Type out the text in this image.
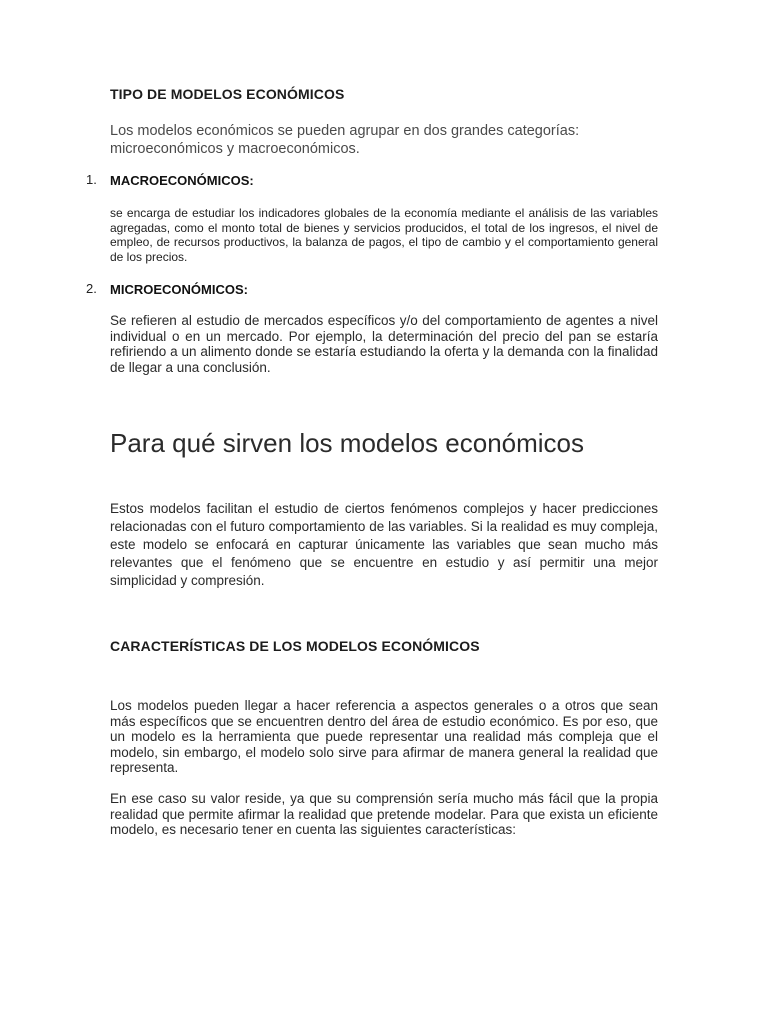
TIPO DE MODELOS ECONÓMICOS
Los modelos económicos se pueden agrupar en dos grandes categorías: microeconómicos y macroeconómicos.
1. MACROECONÓMICOS:
se encarga de estudiar los indicadores globales de la economía mediante el análisis de las variables agregadas, como el monto total de bienes y servicios producidos, el total de los ingresos, el nivel de empleo, de recursos productivos, la balanza de pagos, el tipo de cambio y el comportamiento general de los precios.
2. MICROECONÓMICOS:
Se refieren al estudio de mercados específicos y/o del comportamiento de agentes a nivel individual o en un mercado. Por ejemplo, la determinación del precio del pan se estaría refiriendo a un alimento donde se estaría estudiando la oferta y la demanda con la finalidad de llegar a una conclusión.
Para qué sirven los modelos económicos
Estos modelos facilitan el estudio de ciertos fenómenos complejos y hacer predicciones relacionadas con el futuro comportamiento de las variables. Si la realidad es muy compleja, este modelo se enfocará en capturar únicamente las variables que sean mucho más relevantes que el fenómeno que se encuentre en estudio y así permitir una mejor simplicidad y compresión.
CARACTERÍSTICAS DE LOS MODELOS ECONÓMICOS
Los modelos pueden llegar a hacer referencia a aspectos generales o a otros que sean más específicos que se encuentren dentro del área de estudio económico. Es por eso, que un modelo es la herramienta que puede representar una realidad más compleja que el modelo, sin embargo, el modelo solo sirve para afirmar de manera general la realidad que representa.
En ese caso su valor reside, ya que su comprensión sería mucho más fácil que la propia realidad que permite afirmar la realidad que pretende modelar. Para que exista un eficiente modelo, es necesario tener en cuenta las siguientes características:
